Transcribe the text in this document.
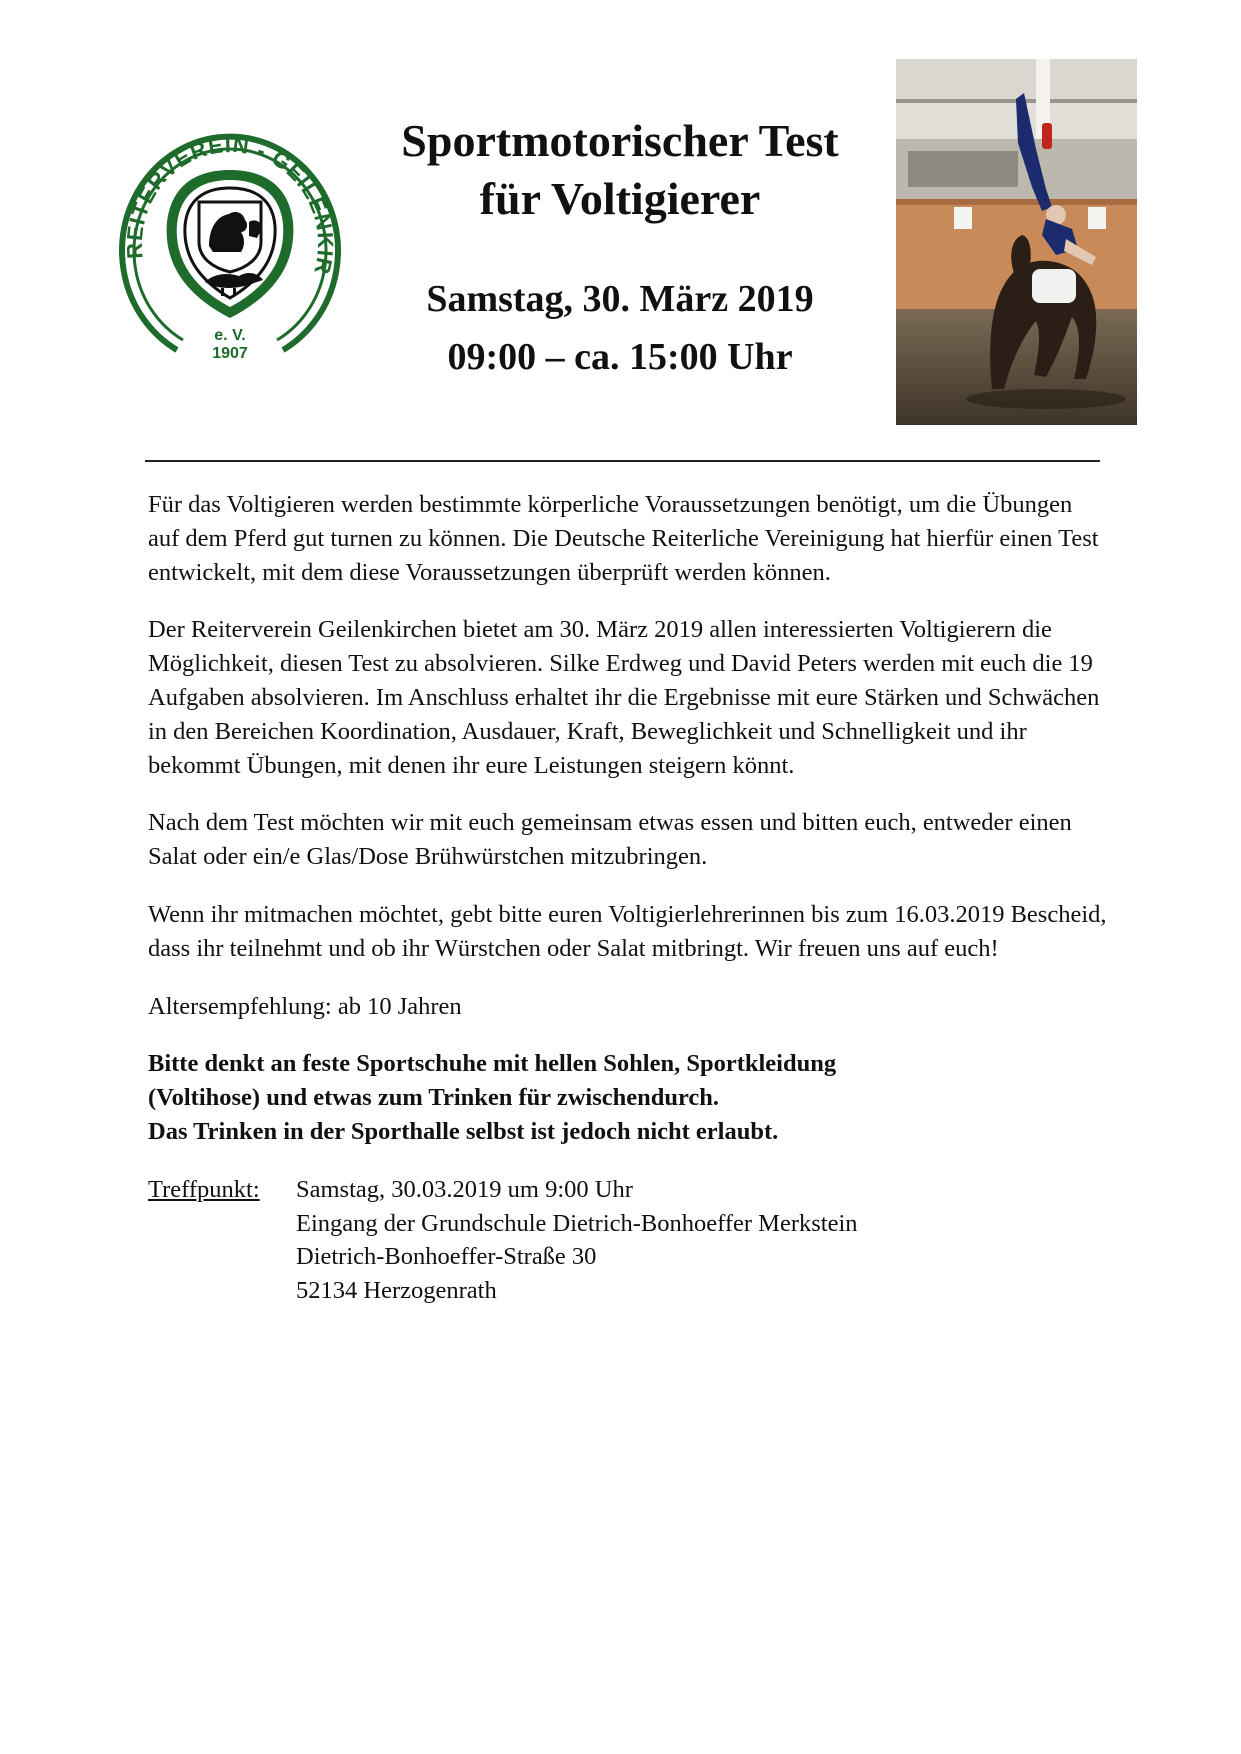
REITERVEREIN - GEILENKIR
e. V.
1907
Sportmotorischer Test
für Voltigierer
Samstag, 30. März 2019
09:00 – ca. 15:00 Uhr

Für das Voltigieren werden bestimmte körperliche Voraussetzungen benötigt, um die Übungen auf dem Pferd gut turnen zu können. Die Deutsche Reiterliche Vereinigung hat hierfür einen Test entwickelt, mit dem diese Voraussetzungen überprüft werden können.

Der Reiterverein Geilenkirchen bietet am 30. März 2019 allen interessierten Voltigierern die Möglichkeit, diesen Test zu absolvieren. Silke Erdweg und David Peters werden mit euch die 19 Aufgaben absolvieren. Im Anschluss erhaltet ihr die Ergebnisse mit eure Stärken und Schwächen in den Bereichen Koordination, Ausdauer, Kraft, Beweglichkeit und Schnelligkeit und ihr bekommt Übungen, mit denen ihr eure Leistungen steigern könnt.

Nach dem Test möchten wir mit euch gemeinsam etwas essen und bitten euch, entweder einen Salat oder ein/e Glas/Dose Brühwürstchen mitzubringen.

Wenn ihr mitmachen möchtet, gebt bitte euren Voltigierlehrerinnen bis zum 16.03.2019 Bescheid, dass ihr teilnehmt und ob ihr Würstchen oder Salat mitbringt. Wir freuen uns auf euch!

Altersempfehlung: ab 10 Jahren

Bitte denkt an feste Sportschuhe mit hellen Sohlen, Sportkleidung
(Voltihose) und etwas zum Trinken für zwischendurch.
Das Trinken in der Sporthalle selbst ist jedoch nicht erlaubt.

Treffpunkt:	Samstag, 30.03.2019 um 9:00 Uhr
Eingang der Grundschule Dietrich-Bonhoeffer Merkstein
Dietrich-Bonhoeffer-Straße 30
52134 Herzogenrath
